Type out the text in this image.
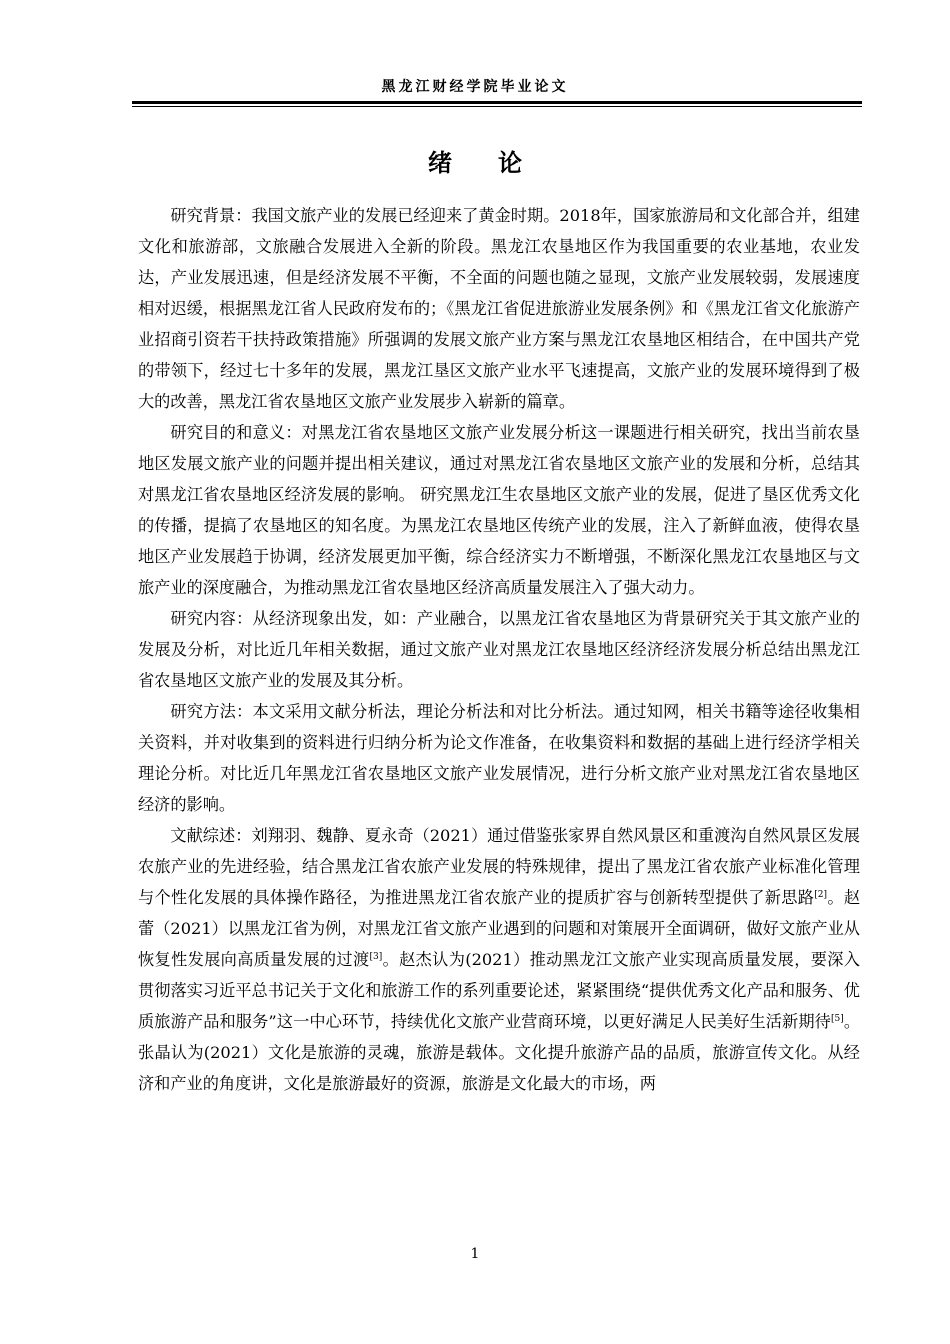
黑龙江财经学院毕业论文
绪论

研究背景：我国文旅产业的发展已经迎来了黄金时期。2018年，国家旅游局和文化部合并，组建文化和旅游部，文旅融合发展进入全新的阶段。黑龙江农垦地区作为我国重要的农业基地，农业发达，产业发展迅速，但是经济发展不平衡，不全面的问题也随之显现，文旅产业发展较弱，发展速度相对迟缓，根据黑龙江省人民政府发布的；《黑龙江省促进旅游业发展条例》和《黑龙江省文化旅游产业招商引资若干扶持政策措施》所强调的发展文旅产业方案与黑龙江农垦地区相结合，在中国共产党的带领下，经过七十多年的发展，黑龙江垦区文旅产业水平飞速提高，文旅产业的发展环境得到了极大的改善，黑龙江省农垦地区文旅产业发展步入崭新的篇章。

研究目的和意义：对黑龙江省农垦地区文旅产业发展分析这一课题进行相关研究，找出当前农垦地区发展文旅产业的问题并提出相关建议，通过对黑龙江省农垦地区文旅产业的发展和分析，总结其对黑龙江省农垦地区经济发展的影响。 研究黑龙江生农垦地区文旅产业的发展，促进了垦区优秀文化的传播，提搞了农垦地区的知名度。为黑龙江农垦地区传统产业的发展，注入了新鲜血液，使得农垦地区产业发展趋于协调，经济发展更加平衡，综合经济实力不断增强，不断深化黑龙江农垦地区与文旅产业的深度融合，为推动黑龙江省农垦地区经济高质量发展注入了强大动力。

研究内容：从经济现象出发，如：产业融合，以黑龙江省农垦地区为背景研究关于其文旅产业的发展及分析，对比近几年相关数据，通过文旅产业对黑龙江农垦地区经济经济发展分析总结出黑龙江省农垦地区文旅产业的发展及其分析。

研究方法：本文采用文献分析法，理论分析法和对比分析法。通过知网，相关书籍等途径收集相关资料，并对收集到的资料进行归纳分析为论文作准备，在收集资料和数据的基础上进行经济学相关理论分析。对比近几年黑龙江省农垦地区文旅产业发展情况，进行分析文旅产业对黑龙江省农垦地区经济的影响。

文献综述：刘翔羽、魏静、夏永奇（2021）通过借鉴张家界自然风景区和重渡沟自然风景区发展农旅产业的先进经验，结合黑龙江省农旅产业发展的特殊规律，提出了黑龙江省农旅产业标准化管理与个性化发展的具体操作路径，为推进黑龙江省农旅产业的提质扩容与创新转型提供了新思路[2]。赵蕾（2021）以黑龙江省为例，对黑龙江省文旅产业遇到的问题和对策展开全面调研，做好文旅产业从恢复性发展向高质量发展的过渡[3]。赵杰认为(2021）推动黑龙江文旅产业实现高质量发展，要深入贯彻落实习近平总书记关于文化和旅游工作的系列重要论述，紧紧围绕“提供优秀文化产品和服务、优质旅游产品和服务”这一中心环节，持续优化文旅产业营商环境，以更好满足人民美好生活新期待[5]。张晶认为(2021）文化是旅游的灵魂，旅游是载体。文化提升旅游产品的品质，旅游宣传文化。从经济和产业的角度讲，文化是旅游最好的资源，旅游是文化最大的市场，两

1
